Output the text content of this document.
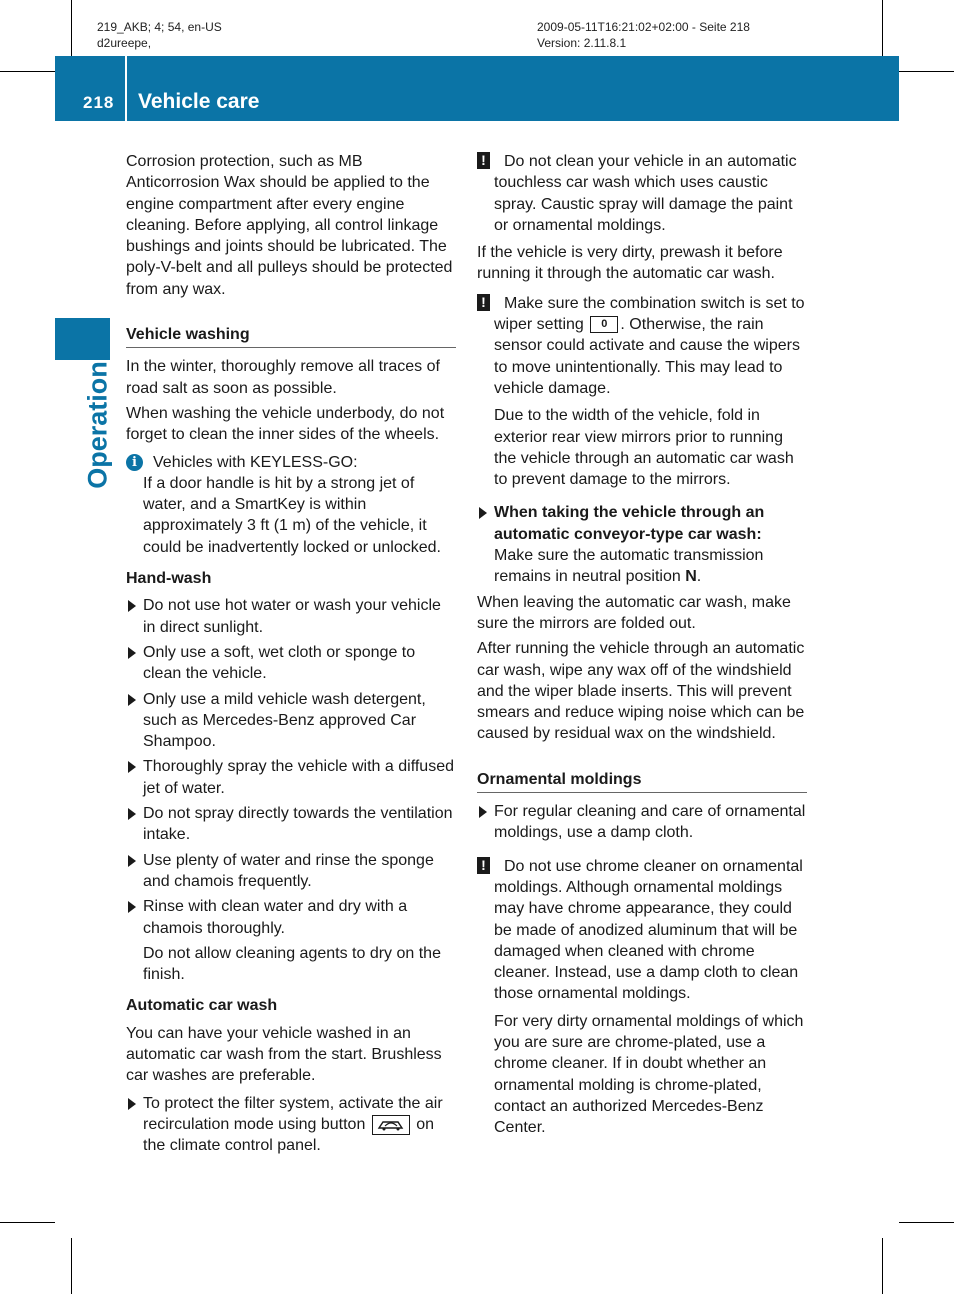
219_AKB; 4; 54, en-US
d2ureepe,
2009-05-11T16:21:02+02:00 - Seite 218
Version: 2.11.8.1
218 Vehicle care
Operation

Corrosion protection, such as MB Anticorrosion Wax should be applied to the engine compartment after every engine cleaning. Before applying, all control linkage bushings and joints should be lubricated. The poly-V-belt and all pulleys should be protected from any wax.

Vehicle washing

In the winter, thoroughly remove all traces of road salt as soon as possible.

When washing the vehicle underbody, do not forget to clean the inner sides of the wheels.

i	Vehicles with KEYLESS-GO:
If a door handle is hit by a strong jet of water, and a SmartKey is within approximately 3 ft (1 m) of the vehicle, it could be inadvertently locked or unlocked.
Hand-wash
Do not use hot water or wash your vehicle in direct sunlight.
Only use a soft, wet cloth or sponge to clean the vehicle.
Only use a mild vehicle wash detergent, such as Mercedes-Benz approved Car Shampoo.
Thoroughly spray the vehicle with a diffused jet of water.
Do not spray directly towards the ventilation intake.
Use plenty of water and rinse the sponge and chamois frequently.
Rinse with clean water and dry with a chamois thoroughly.

Do not allow cleaning agents to dry on the finish.

Automatic car wash

You can have your vehicle washed in an automatic car wash from the start. Brushless car washes are preferable.

To protect the filter system, activate the air recirculation mode using button	on the climate control panel.
! Do not clean your vehicle in an automatic touchless car wash which uses caustic spray. Caustic spray will damage the paint or ornamental moldings.

If the vehicle is very dirty, prewash it before running it through the automatic car wash.

! Make sure the combination switch is set to wiper setting 0 . Otherwise, the rain sensor could activate and cause the wipers to move unintentionally. This may lead to vehicle damage.

Due to the width of the vehicle, fold in exterior rear view mirrors prior to running the vehicle through an automatic car wash to prevent damage to the mirrors.

When taking the vehicle through an automatic conveyor-type car wash:

Make sure the automatic transmission remains in neutral position N.

When leaving the automatic car wash, make sure the mirrors are folded out.

After running the vehicle through an automatic car wash, wipe any wax off of the windshield and the wiper blade inserts. This will prevent smears and reduce wiping noise which can be caused by residual wax on the windshield.

Ornamental moldings
For regular cleaning and care of ornamental moldings, use a damp cloth.
! Do not use chrome cleaner on ornamental moldings. Although ornamental moldings may have chrome appearance, they could be made of anodized aluminum that will be damaged when cleaned with chrome cleaner. Instead, use a damp cloth to clean those ornamental moldings.

For very dirty ornamental moldings of which you are sure are chrome-plated, use a chrome cleaner. If in doubt whether an ornamental molding is chrome-plated, contact an authorized Mercedes-Benz Center.
